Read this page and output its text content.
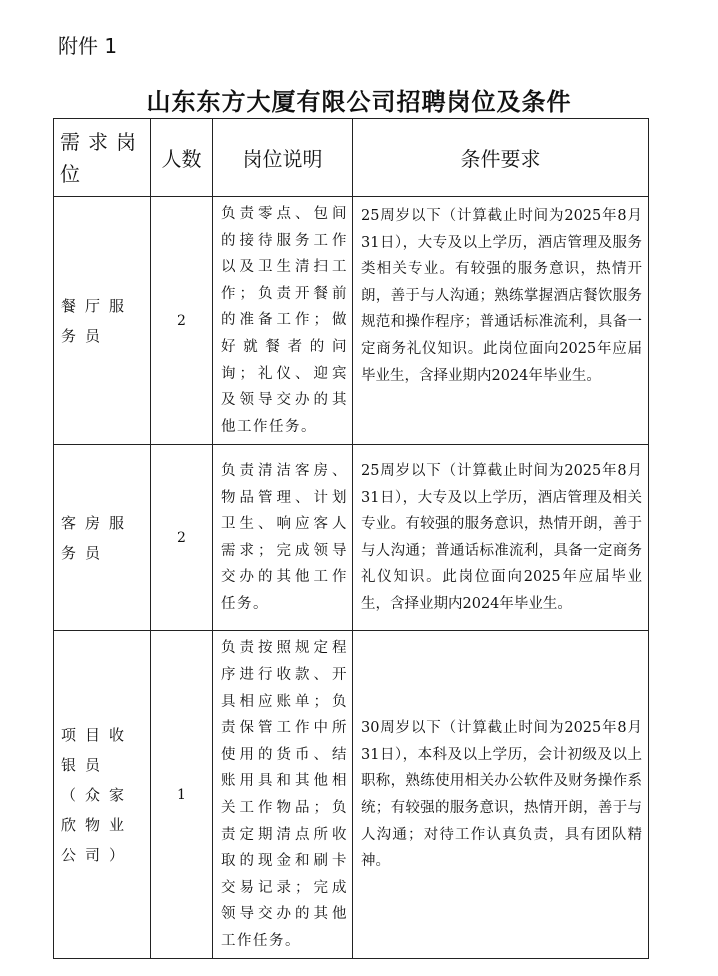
附件 1
山东东方大厦有限公司招聘岗位及条件
需求岗位	人数	岗位说明	条件要求
餐厅服务员	2	负责零点、包间的接待服务工作以及卫生清扫工作；负责开餐前的准备工作；做好就餐者的问询；礼仪、迎宾及领导交办的其他工作任务。	25周岁以下（计算截止时间为2025年8月31日），大专及以上学历，酒店管理及服务类相关专业。有较强的服务意识，热情开朗，善于与人沟通；熟练掌握酒店餐饮服务规范和操作程序；普通话标准流利，具备一定商务礼仪知识。此岗位面向2025年应届毕业生，含择业期内2024年毕业生。
客房服务员	2	负责清洁客房、物品管理、计划卫生、响应客人需求；完成领导交办的其他工作任务。	25周岁以下（计算截止时间为2025年8月31日），大专及以上学历，酒店管理及相关专业。有较强的服务意识，热情开朗，善于与人沟通；普通话标准流利，具备一定商务礼仪知识。此岗位面向2025年应届毕业生，含择业期内2024年毕业生。
项目收银员（众家欣物业公司）	1	负责按照规定程序进行收款、开具相应账单；负责保管工作中所使用的货币、结账用具和其他相关工作物品；负责定期清点所收取的现金和刷卡交易记录；完成领导交办的其他工作任务。	30周岁以下（计算截止时间为2025年8月31日），本科及以上学历，会计初级及以上职称，熟练使用相关办公软件及财务操作系统；有较强的服务意识，热情开朗，善于与人沟通；对待工作认真负责，具有团队精神。
